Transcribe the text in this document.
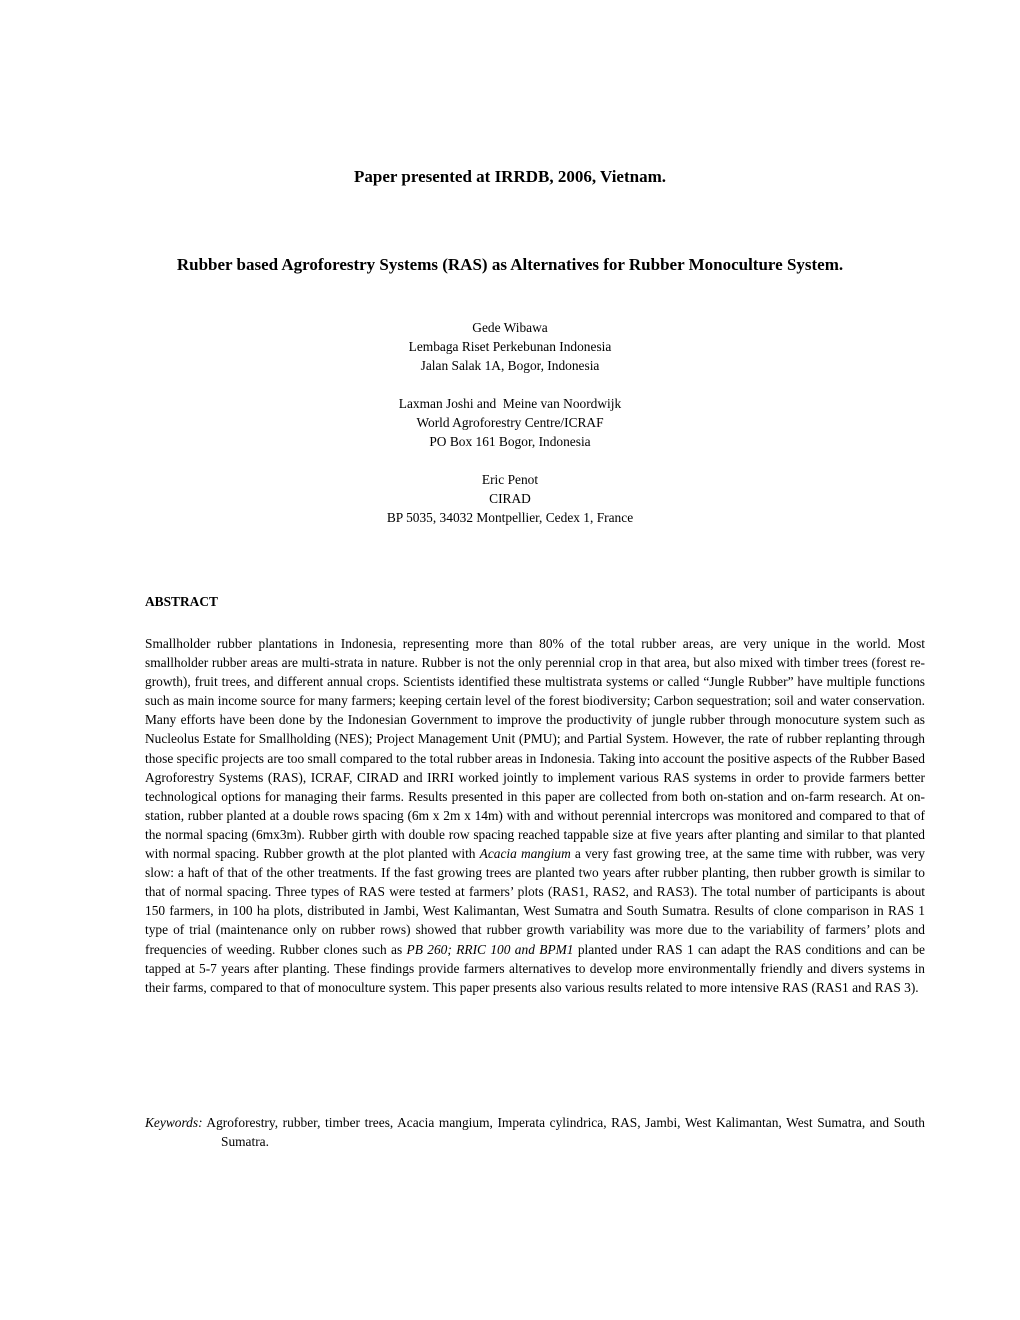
Paper presented at IRRDB, 2006, Vietnam.
Rubber based Agroforestry Systems (RAS) as Alternatives for Rubber Monoculture System.
Gede Wibawa
Lembaga Riset Perkebunan Indonesia
Jalan Salak 1A, Bogor, Indonesia
Laxman Joshi and  Meine van Noordwijk
World Agroforestry Centre/ICRAF
PO Box 161 Bogor, Indonesia
Eric Penot
CIRAD
BP 5035, 34032 Montpellier, Cedex 1, France
ABSTRACT

Smallholder rubber plantations in Indonesia, representing more than 80% of the total rubber areas, are very unique in the world. Most smallholder rubber areas are multi-strata in nature. Rubber is not the only perennial crop in that area, but also mixed with timber trees (forest re-growth), fruit trees, and different annual crops. Scientists identified these multistrata systems or called “Jungle Rubber” have multiple functions such as main income source for many farmers; keeping certain level of the forest biodiversity; Carbon sequestration; soil and water conservation. Many efforts have been done by the Indonesian Government to improve the productivity of jungle rubber through monocuture system such as Nucleolus Estate for Smallholding (NES); Project Management Unit (PMU); and Partial System. However, the rate of rubber replanting through those specific projects are too small compared to the total rubber areas in Indonesia. Taking into account the positive aspects of the Rubber Based Agroforestry Systems (RAS), ICRAF, CIRAD and IRRI worked jointly to implement various RAS systems in order to provide farmers better technological options for managing their farms. Results presented in this paper are collected from both on-station and on-farm research. At on-station, rubber planted at a double rows spacing (6m x 2m x 14m) with and without perennial intercrops was monitored and compared to that of the normal spacing (6mx3m). Rubber girth with double row spacing reached tappable size at five years after planting and similar to that planted with normal spacing. Rubber growth at the plot planted with Acacia mangium a very fast growing tree, at the same time with rubber, was very slow: a haft of that of the other treatments. If the fast growing trees are planted two years after rubber planting, then rubber growth is similar to that of normal spacing. Three types of RAS were tested at farmers’ plots (RAS1, RAS2, and RAS3). The total number of participants is about 150 farmers, in 100 ha plots, distributed in Jambi, West Kalimantan, West Sumatra and South Sumatra. Results of clone comparison in RAS 1 type of trial (maintenance only on rubber rows) showed that rubber growth variability was more due to the variability of farmers’ plots and frequencies of weeding. Rubber clones such as PB 260; RRIC 100 and BPM1 planted under RAS 1 can adapt the RAS conditions and can be tapped at 5-7 years after planting. These findings provide farmers alternatives to develop more environmentally friendly and divers systems in their farms, compared to that of monoculture system. This paper presents also various results related to more intensive RAS (RAS1 and RAS 3).

Keywords: Agroforestry, rubber, timber trees, Acacia mangium, Imperata cylindrica, RAS, Jambi, West Kalimantan, West Sumatra, and South Sumatra.
